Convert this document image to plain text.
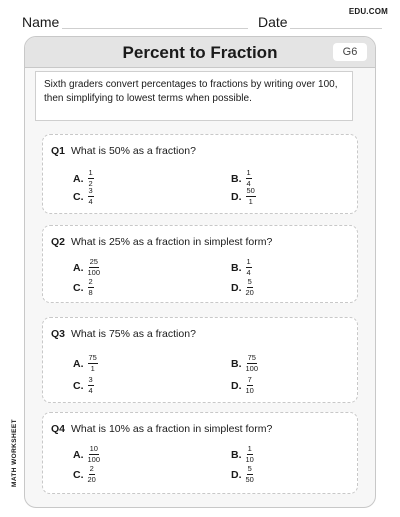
Name	Date
EDU.COM
MATH WORKSHEET
Percent to Fraction	G6
Sixth graders convert percentages to fractions by writing over 100, then simplifying to lowest terms when possible.
Q1 What is 50% as a fraction?
A. $\frac{1}{2}$	B. $\frac{1}{4}$
C. $\frac{3}{4}$	D. $\frac{50}{1}$
Q2 What is 25% as a fraction in simplest form?
A. $\frac{25}{100}$	B. $\frac{1}{4}$
C. $\frac{2}{8}$	D. $\frac{5}{20}$
Q3 What is 75% as a fraction?
A. $\frac{75}{1}$	B. $\frac{75}{100}$
C. $\frac{3}{4}$	D. $\frac{7}{10}$
Q4 What is 10% as a fraction in simplest form?
A. $\frac{10}{100}$	B. $\frac{1}{10}$
C. $\frac{2}{20}$	D. $\frac{5}{50}$
